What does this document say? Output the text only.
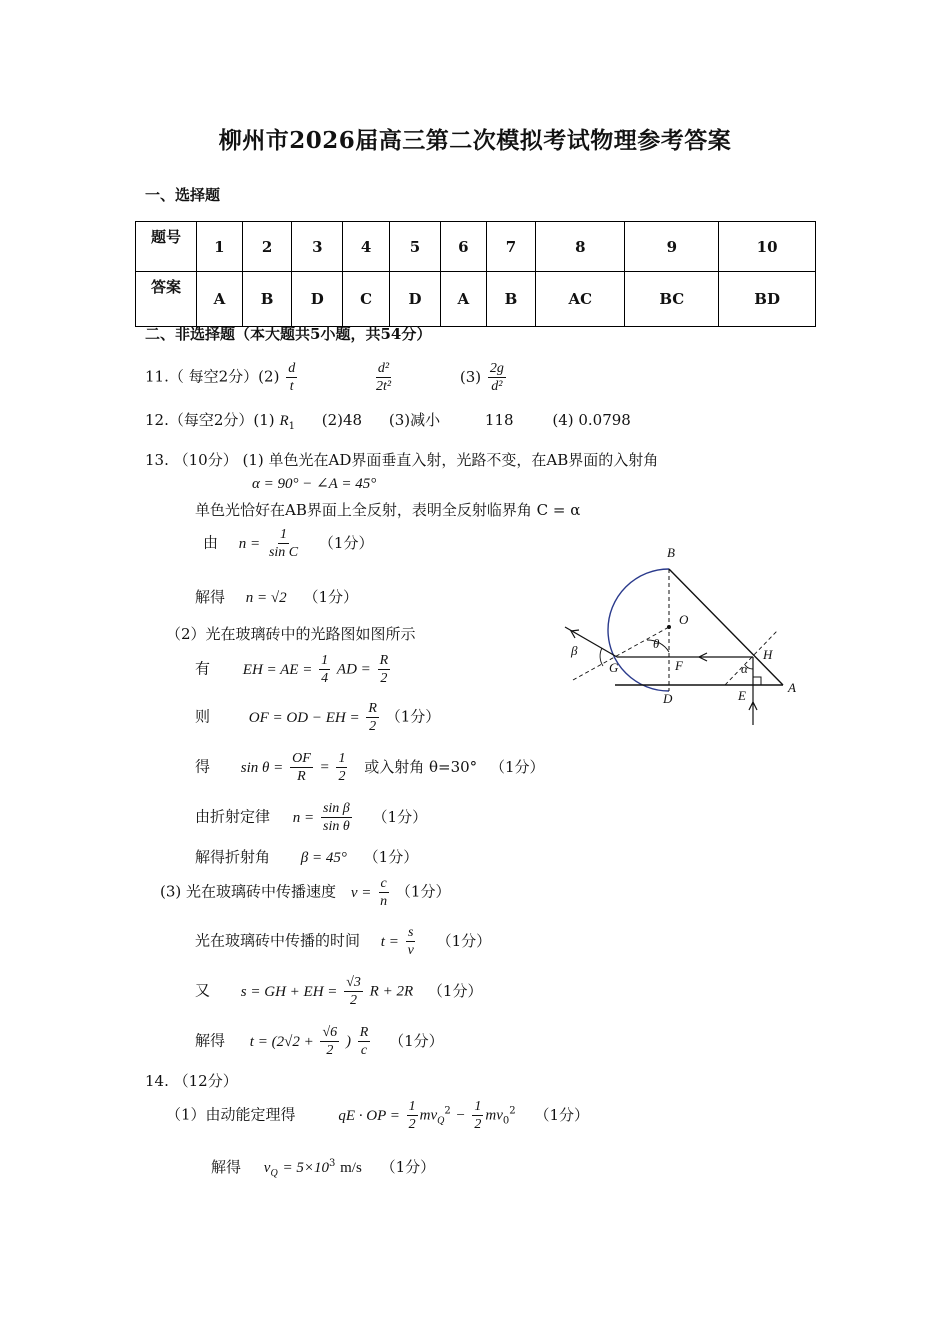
柳州市2026届高三第二次模拟考试物理参考答案
一、选择题
题号	1	2	3	4	5	6	7	8	9	10
答案	A	B	D	C	D	A	B	AC	BC	BD
二、非选择题（本大题共5小题，共54分）
11.（ 每空2分）$(2) \frac{d}{t}$
	$\frac{\text{d²}}{\text{2t²}}$	$(3) \frac{2g}{\text{d²}}$
12.（每空2分）(1) $R_1$ (2)48 (3)减小	118	(4) 0.0798
13. （10分） (1) 单色光在AD界面垂直入射，光路不变，在AB界面的入射角
α = 90° − ∠A = 45°
单色光恰好在AB界面上全反射，表明全反射临界角 C = α
由 $n = \frac{1}{\text{sin C}} (1$分）
解得 n = √2 （1分）
（2）光在玻璃砖中的光路图如图所示
有 EH = AE = $\frac{1}{4}$ AD = $\frac{R}{2}$
则	OF = OD − EH = $\frac{R}{2} (1$分）
得 $\sin \theta = \frac{OF}{R} = \frac{1}{2}$ 或入射角 θ=30° （1分）
由折射定律 $n = \frac{\text{sin β}}{\text{sin θ}} (1$分）
解得折射角 β = 45° （1分）
(3) 光在玻璃砖中传播速度 $v = \frac{c}{n} (1$分）
光在玻璃砖中传播的时间 $t = \frac{s}{v} (1$分）
又 s = GH + EH = $\frac{√3}{2}$ R + 2R （1分）
解得 $t = (2√2 + \frac{√6}{2}$ ) $\frac{R}{c} (1$分）
14. （12分）
（1）由动能定理得	qE · OP = $\frac{1}{2} mv_Q^2 - \frac{1}{2} mv_0^2$ （1分）
解得 $v_Q = 5\times 10^3$ m/s （1分）
B
O
θ
β
G	F
H
α
D	E
A
